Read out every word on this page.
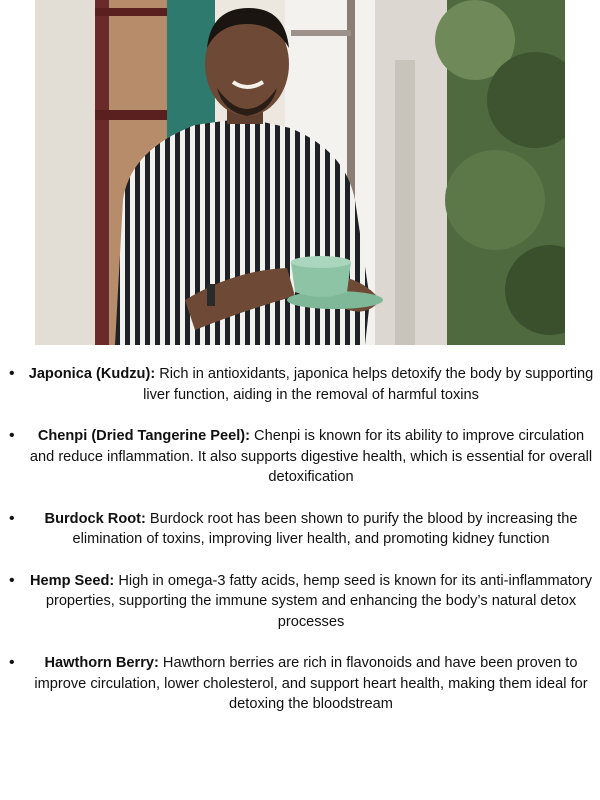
• Japonica (Kudzu): Rich in antioxidants, japonica helps detoxify the body by supporting liver function, aiding in the removal of harmful toxins
• Chenpi (Dried Tangerine Peel): Chenpi is known for its ability to improve circulation and reduce inflammation. It also supports digestive health, which is essential for overall detoxification
• Burdock Root: Burdock root has been shown to purify the blood by increasing the elimination of toxins, improving liver health, and promoting kidney function
• Hemp Seed: High in omega-3 fatty acids, hemp seed is known for its anti-inflammatory properties, supporting the immune system and enhancing the body’s natural detox processes
• Hawthorn Berry: Hawthorn berries are rich in flavonoids and have been proven to improve circulation, lower cholesterol, and support heart health, making them ideal for detoxing the bloodstream
